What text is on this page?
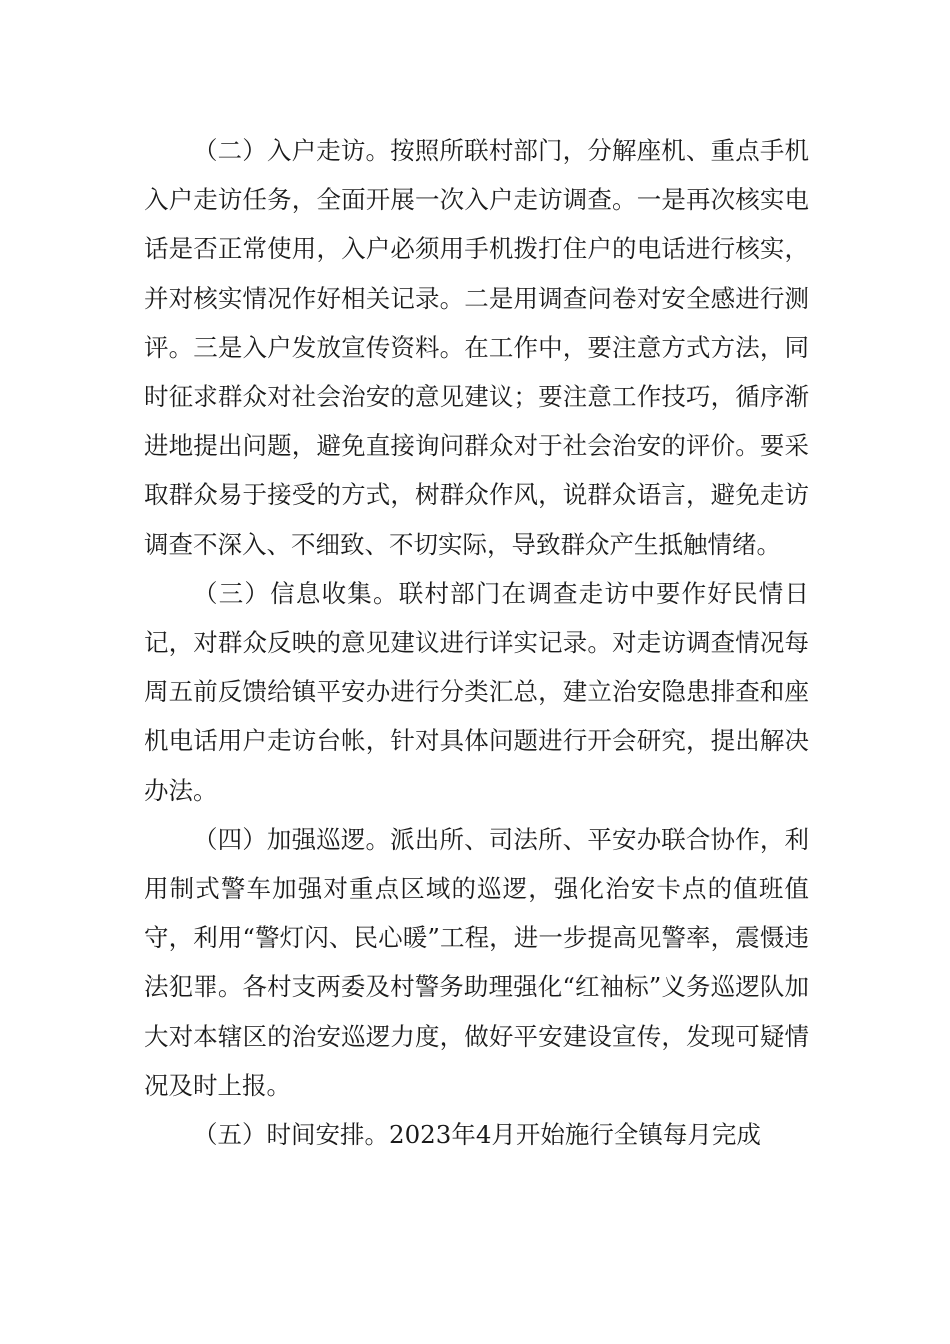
（二）入户走访。按照所联村部门，分解座机、重点手机入户走访任务，全面开展一次入户走访调查。一是再次核实电话是否正常使用，入户必须用手机拨打住户的电话进行核实，并对核实情况作好相关记录。二是用调查问卷对安全感进行测评。三是入户发放宣传资料。在工作中，要注意方式方法，同时征求群众对社会治安的意见建议；要注意工作技巧，循序渐进地提出问题，避免直接询问群众对于社会治安的评价。要采取群众易于接受的方式，树群众作风，说群众语言，避免走访调查不深入、不细致、不切实际，导致群众产生抵触情绪。

（三）信息收集。联村部门在调查走访中要作好民情日记，对群众反映的意见建议进行详实记录。对走访调查情况每周五前反馈给镇平安办进行分类汇总，建立治安隐患排查和座机电话用户走访台帐，针对具体问题进行开会研究，提出解决办法。

（四）加强巡逻。派出所、司法所、平安办联合协作，利用制式警车加强对重点区域的巡逻，强化治安卡点的值班值守，利用“警灯闪、民心暖”工程，进一步提高见警率，震慑违法犯罪。各村支两委及村警务助理强化“红袖标”义务巡逻队加大对本辖区的治安巡逻力度，做好平安建设宣传，发现可疑情况及时上报。

（五）时间安排。2023年4月开始施行全镇每月完成
